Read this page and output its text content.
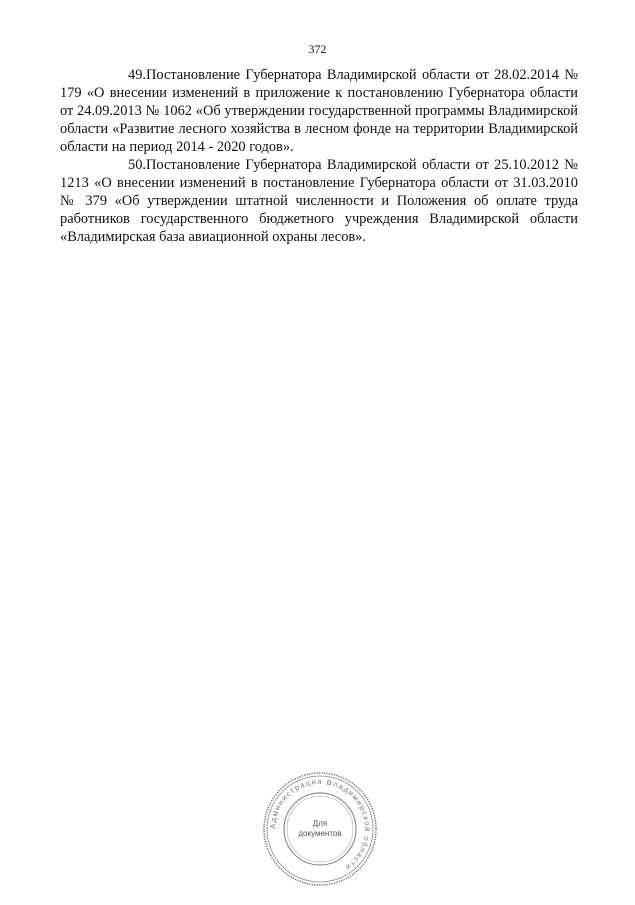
372

49.Постановление Губернатора Владимирской области от 28.02.2014 № 179 «О внесении изменений в приложение к постановлению Губернатора области от 24.09.2013 № 1062 «Об утверждении государственной программы Владимирской области «Развитие лесного хозяйства в лесном фонде на территории Владимирской области на период 2014 - 2020 годов».

50.Постановление Губернатора Владимирской области от 25.10.2012 № 1213 «О внесении изменений в постановление Губернатора области от 31.03.2010 № 379 «Об утверждении штатной численности и Положения об оплате труда работников государственного бюджетного учреждения Владимирской области «Владимирская база авиационной охраны лесов».

Администрация Владимирской области
Для
документов
